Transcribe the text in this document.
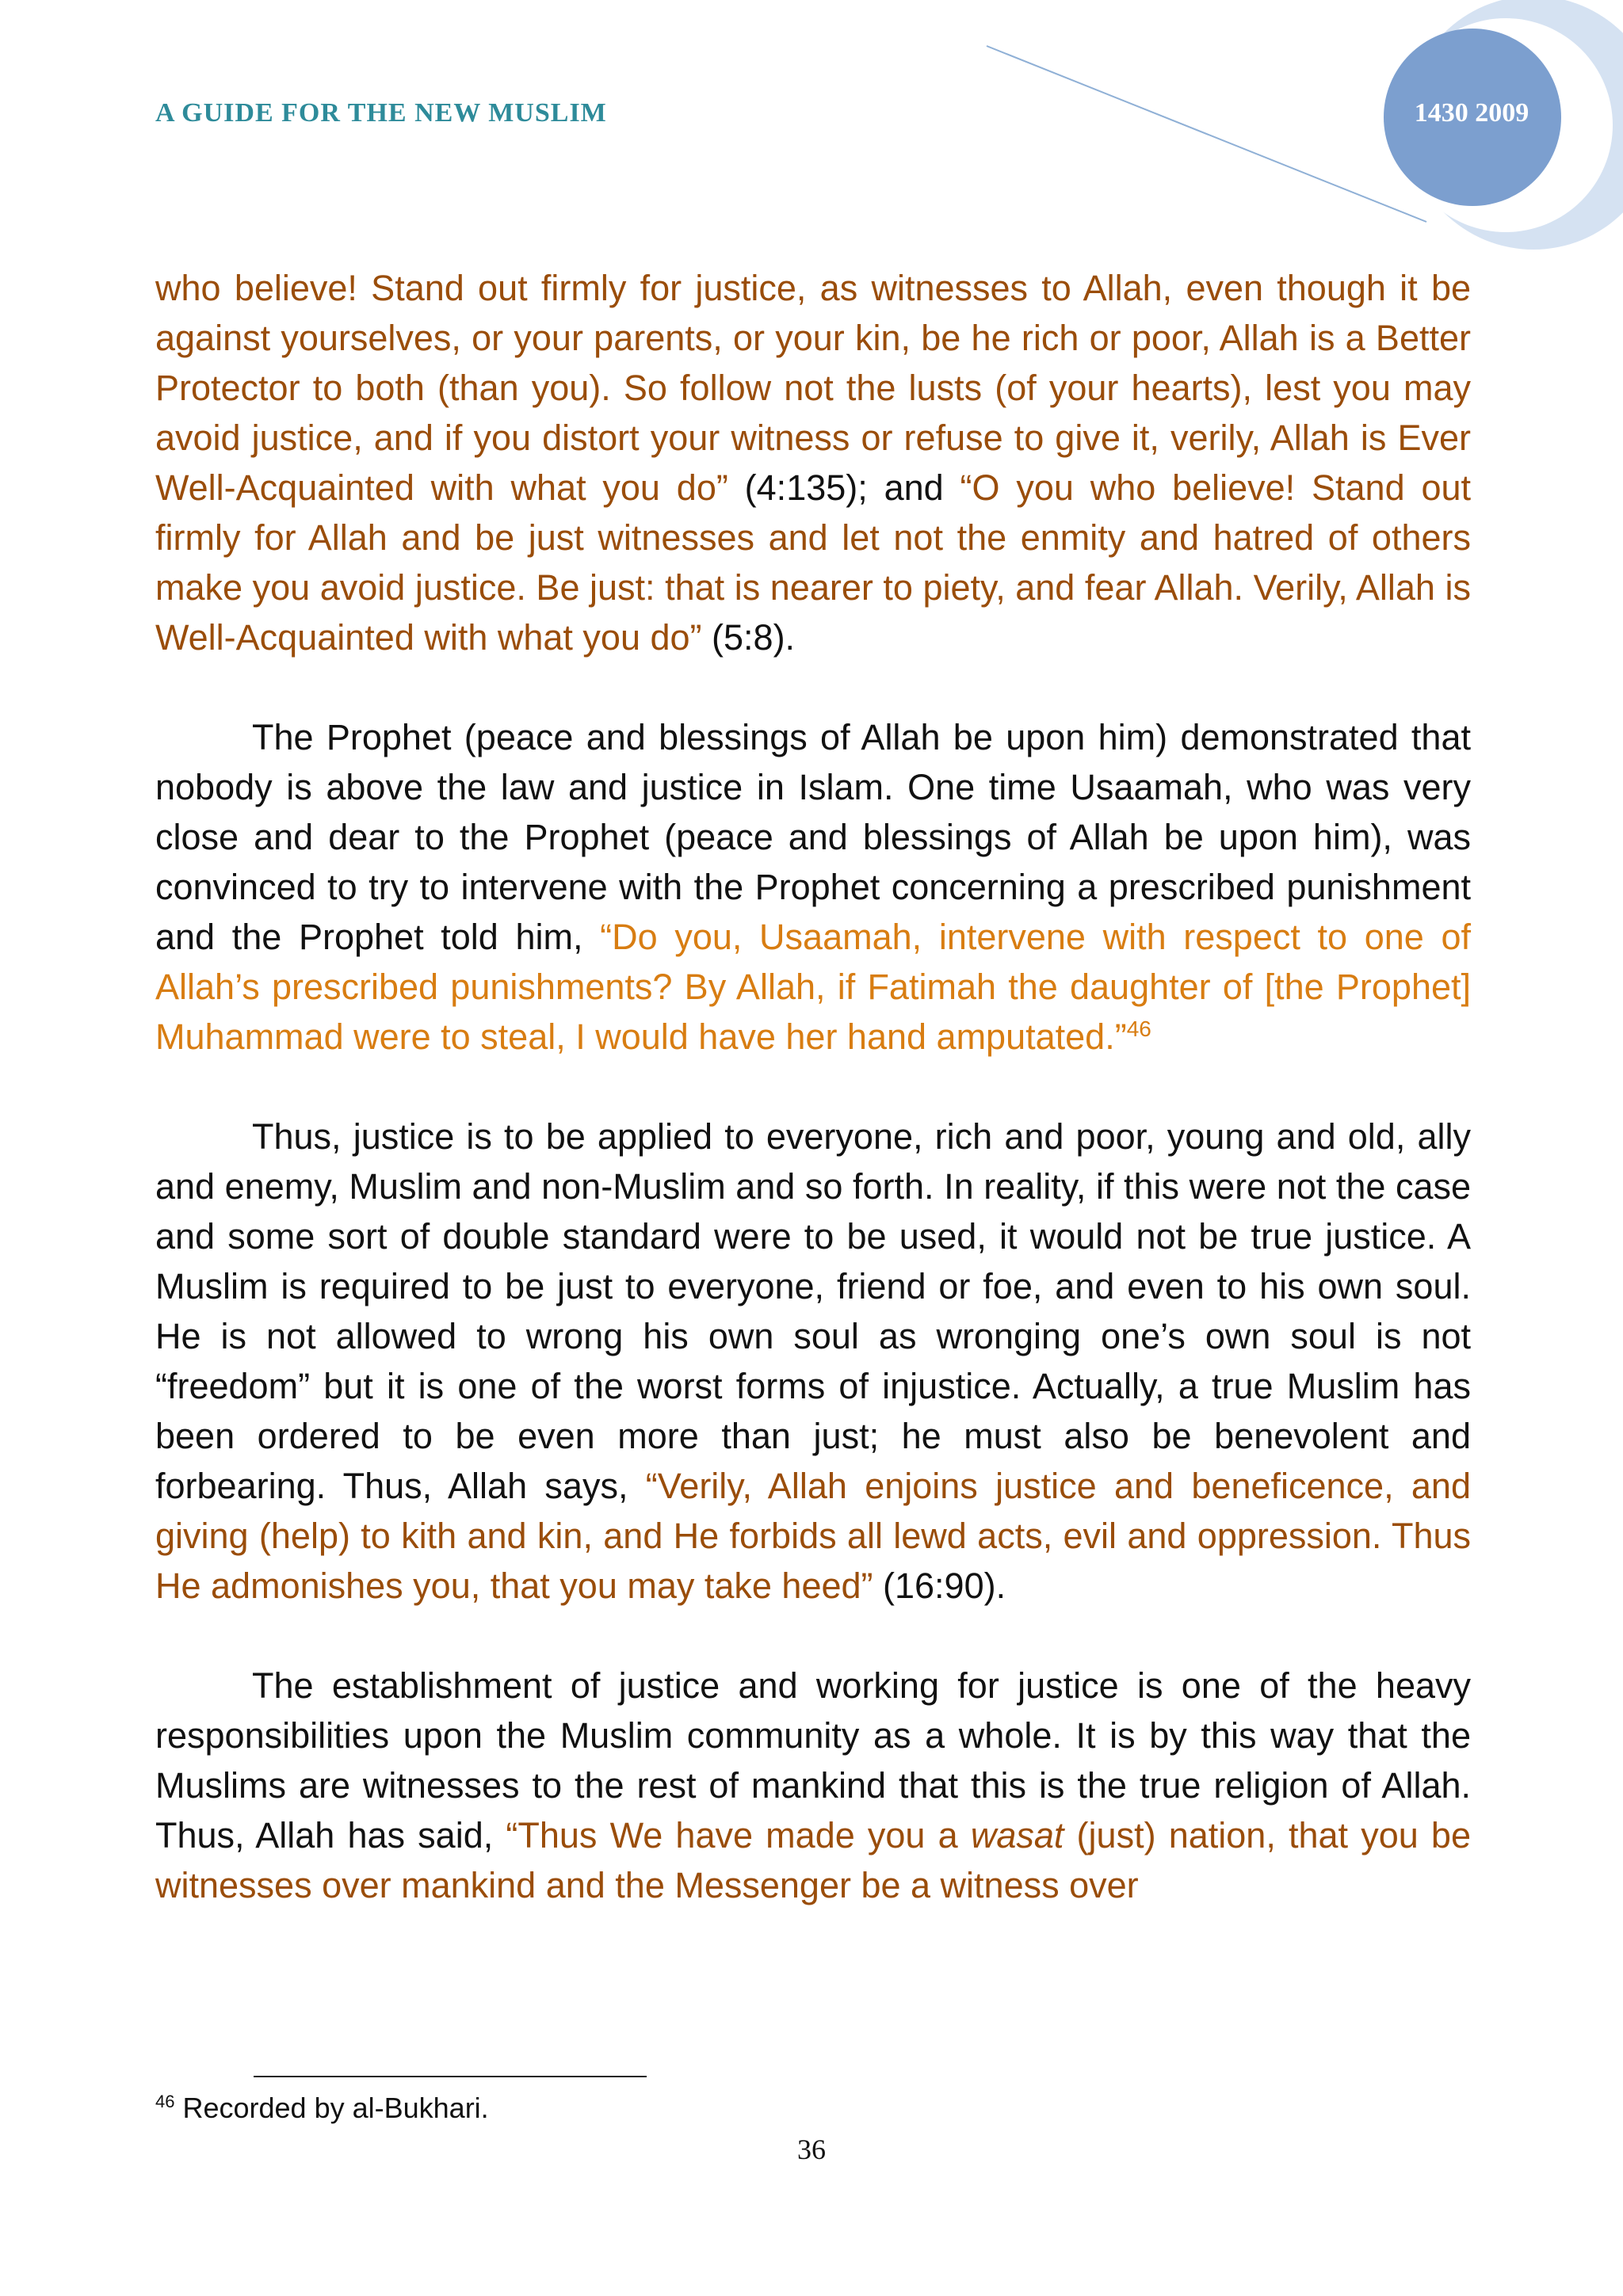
A GUIDE FOR THE NEW MUSLIM	1430 2009

who believe! Stand out firmly for justice, as witnesses to Allah, even though it be against yourselves, or your parents, or your kin, be he rich or poor, Allah is a Better Protector to both (than you). So follow not the lusts (of your hearts), lest you may avoid justice, and if you distort your witness or refuse to give it, verily, Allah is Ever Well-Acquainted with what you do” (4:135); and “O you who believe! Stand out firmly for Allah and be just witnesses and let not the enmity and hatred of others make you avoid justice. Be just: that is nearer to piety, and fear Allah. Verily, Allah is Well-Acquainted with what you do” (5:8).

The Prophet (peace and blessings of Allah be upon him) demonstrated that nobody is above the law and justice in Islam. One time Usaamah, who was very close and dear to the Prophet (peace and blessings of Allah be upon him), was convinced to try to intervene with the Prophet concerning a prescribed punishment and the Prophet told him, “Do you, Usaamah, intervene with respect to one of Allah’s prescribed punishments? By Allah, if Fatimah the daughter of [the Prophet] Muhammad were to steal, I would have her hand amputated.”$^{46}$

Thus, justice is to be applied to everyone, rich and poor, young and old, ally and enemy, Muslim and non-Muslim and so forth. In reality, if this were not the case and some sort of double standard were to be used, it would not be true justice. A Muslim is required to be just to everyone, friend or foe, and even to his own soul. He is not allowed to wrong his own soul as wronging one’s own soul is not “freedom” but it is one of the worst forms of injustice. Actually, a true Muslim has been ordered to be even more than just; he must also be benevolent and forbearing. Thus, Allah says, “Verily, Allah enjoins justice and beneficence, and giving (help) to kith and kin, and He forbids all lewd acts, evil and oppression. Thus He admonishes you, that you may take heed” (16:90).

The establishment of justice and working for justice is one of the heavy responsibilities upon the Muslim community as a whole. It is by this way that the Muslims are witnesses to the rest of mankind that this is the true religion of Allah. Thus, Allah has said, “Thus We have made you a wasat (just) nation, that you be witnesses over mankind and the Messenger be a witness over

$^{46}$ Recorded by al-Bukhari.
36
